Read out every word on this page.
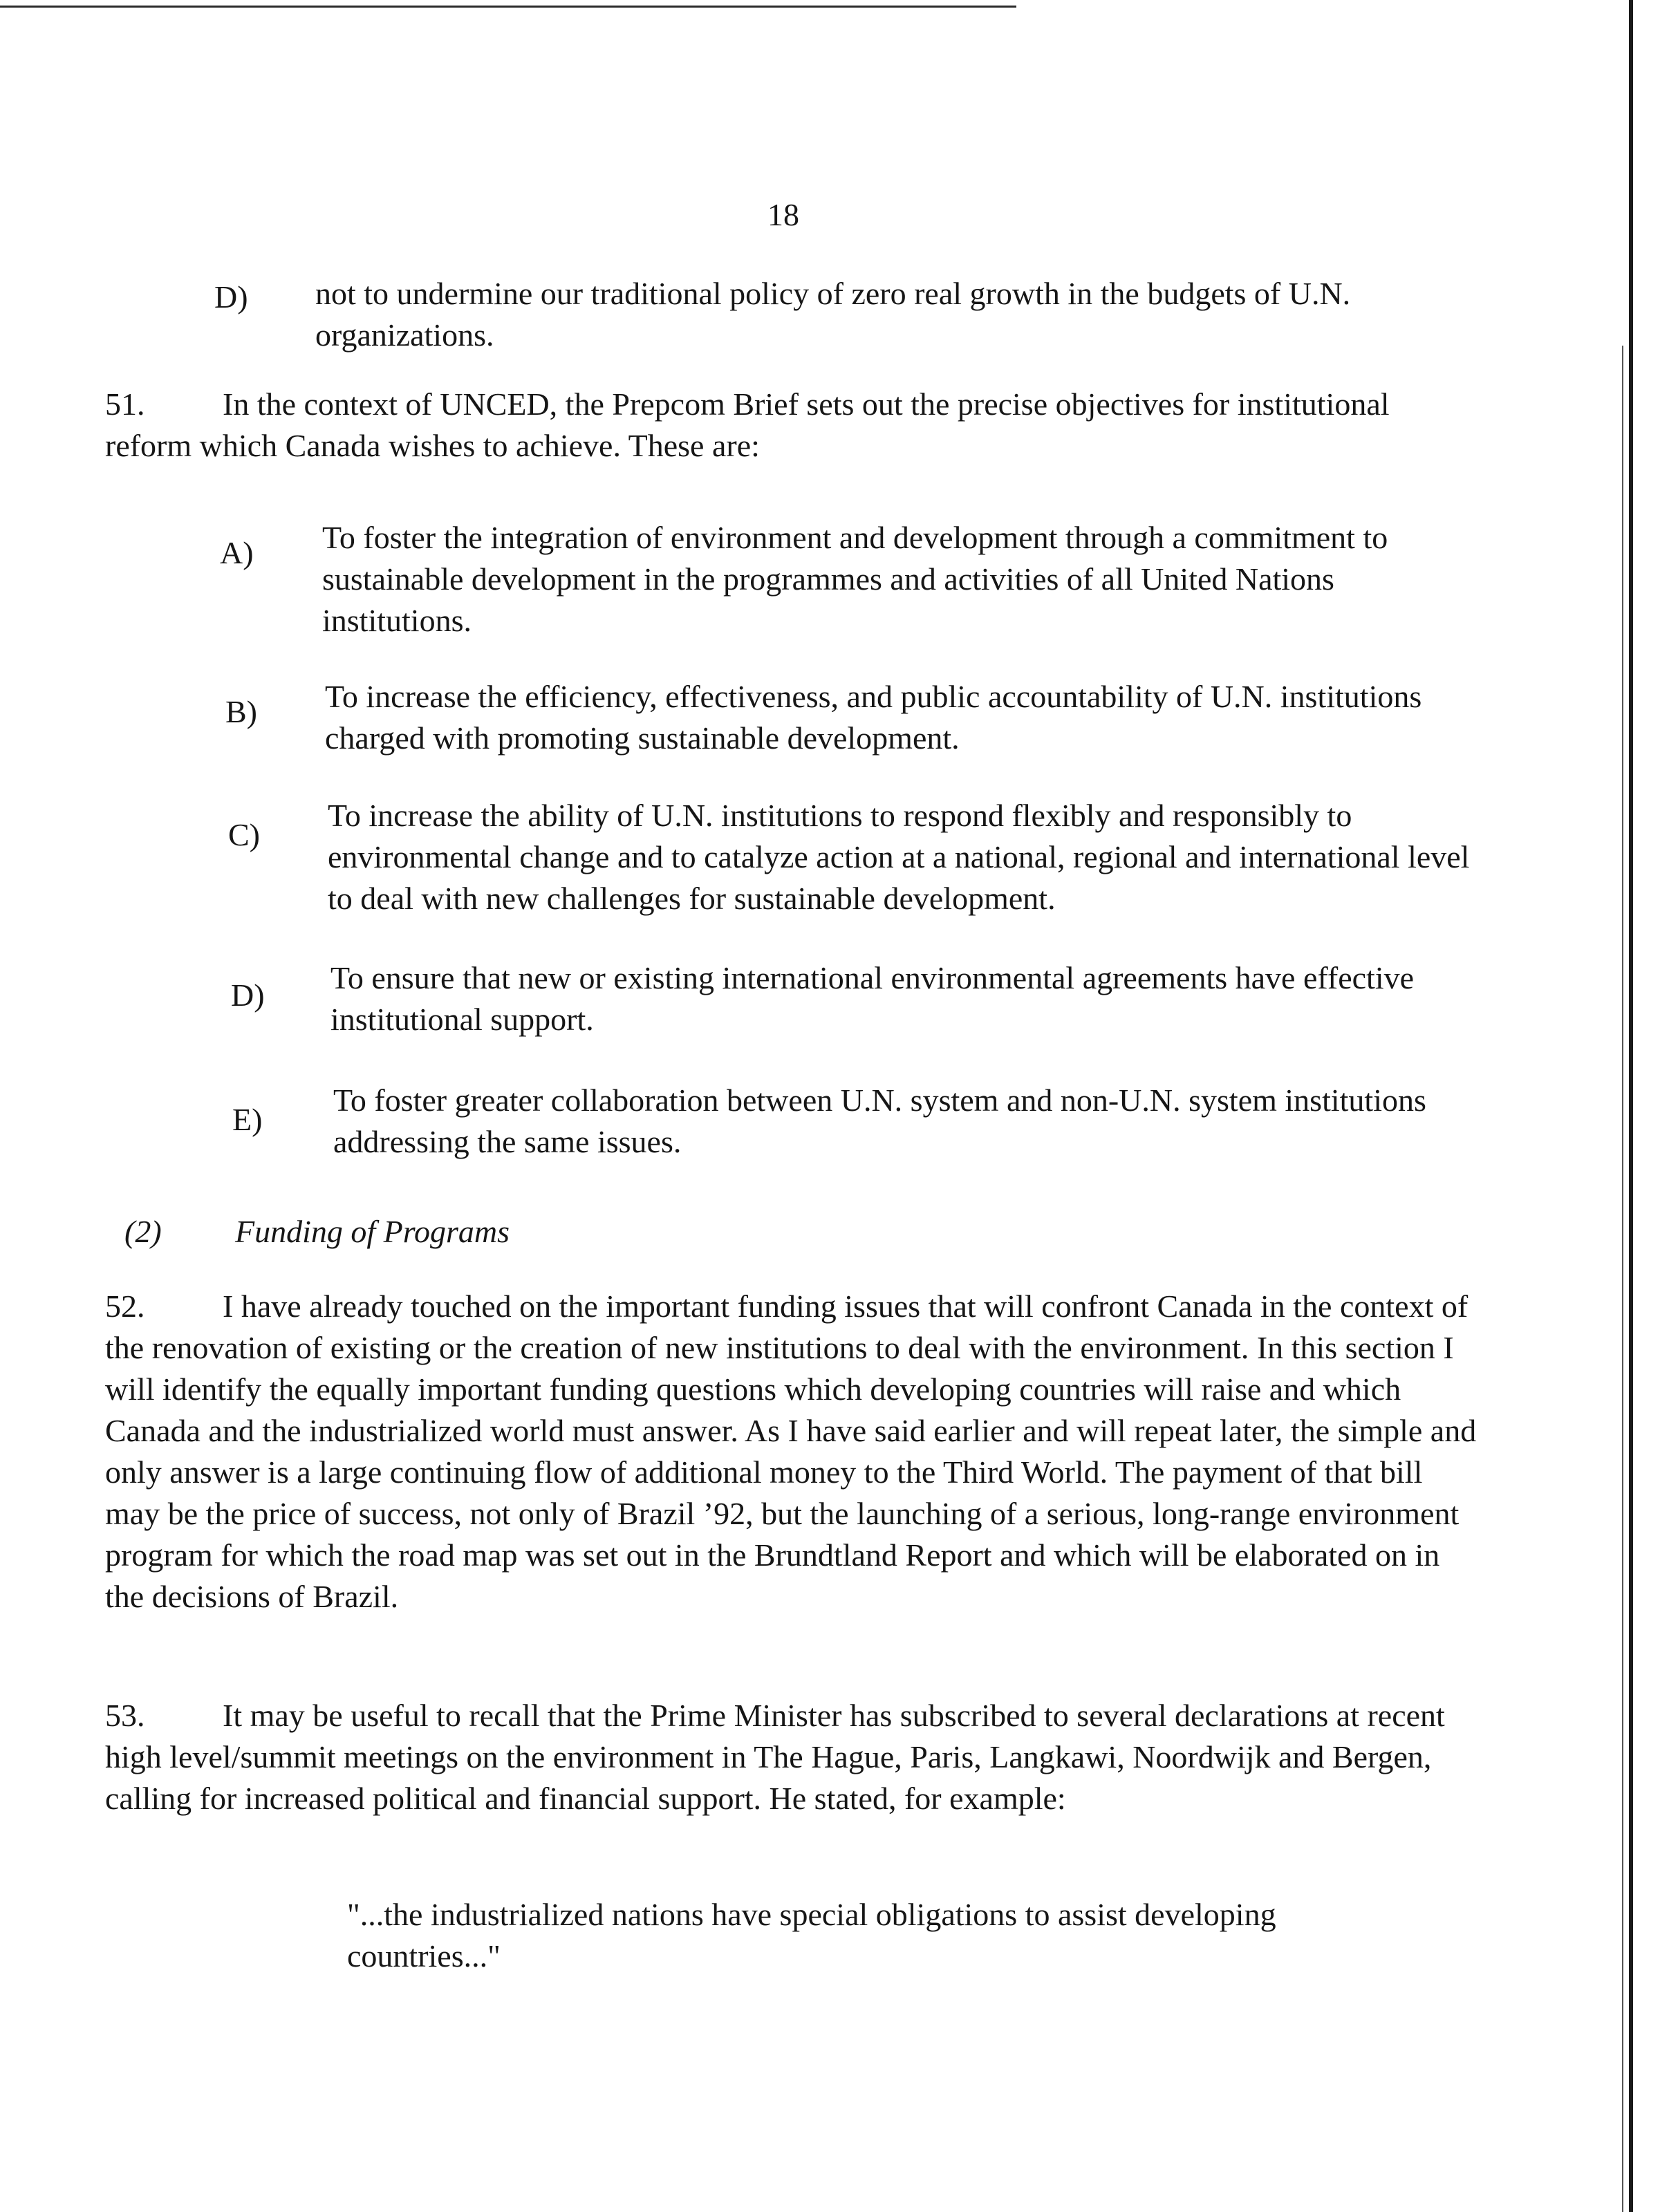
18
D) not to undermine our traditional policy of zero real growth in the budgets of U.N. organizations.

51. In the context of UNCED, the Prepcom Brief sets out the precise objectives for institutional reform which Canada wishes to achieve. These are:

A) To foster the integration of environment and development through a commitment to sustainable development in the programmes and activities of all United Nations institutions.
B) To increase the efficiency, effectiveness, and public accountability of U.N. institutions charged with promoting sustainable development.
C)
To increase the ability of U.N. institutions to respond flexibly and responsibly to environmental change and to catalyze action at a national, regional and international level to deal with new challenges for sustainable development.
D) To ensure that new or existing international environmental agreements have effective institutional support.
E)
To foster greater collaboration between U.N. system and non-U.N. system institutions addressing the same issues.
(2) Funding of Programs

52. I have already touched on the important funding issues that will confront Canada in the context of the renovation of existing or the creation of new institutions to deal with the environment. In this section I will identify the equally important funding questions which developing countries will raise and which Canada and the industrialized world must answer. As I have said earlier and will repeat later, the simple and only answer is a large continuing flow of additional money to the Third World. The payment of that bill may be the price of success, not only of Brazil ’92, but the launching of a serious, long-range environment program for which the road map was set out in the Brundtland Report and which will be elaborated on in the decisions of Brazil.

53. It may be useful to recall that the Prime Minister has subscribed to several declarations at recent high level/summit meetings on the environment in The Hague, Paris, Langkawi, Noordwijk and Bergen, calling for increased political and financial support. He stated, for example:

"...the industrialized nations have special obligations to assist developing countries..."
